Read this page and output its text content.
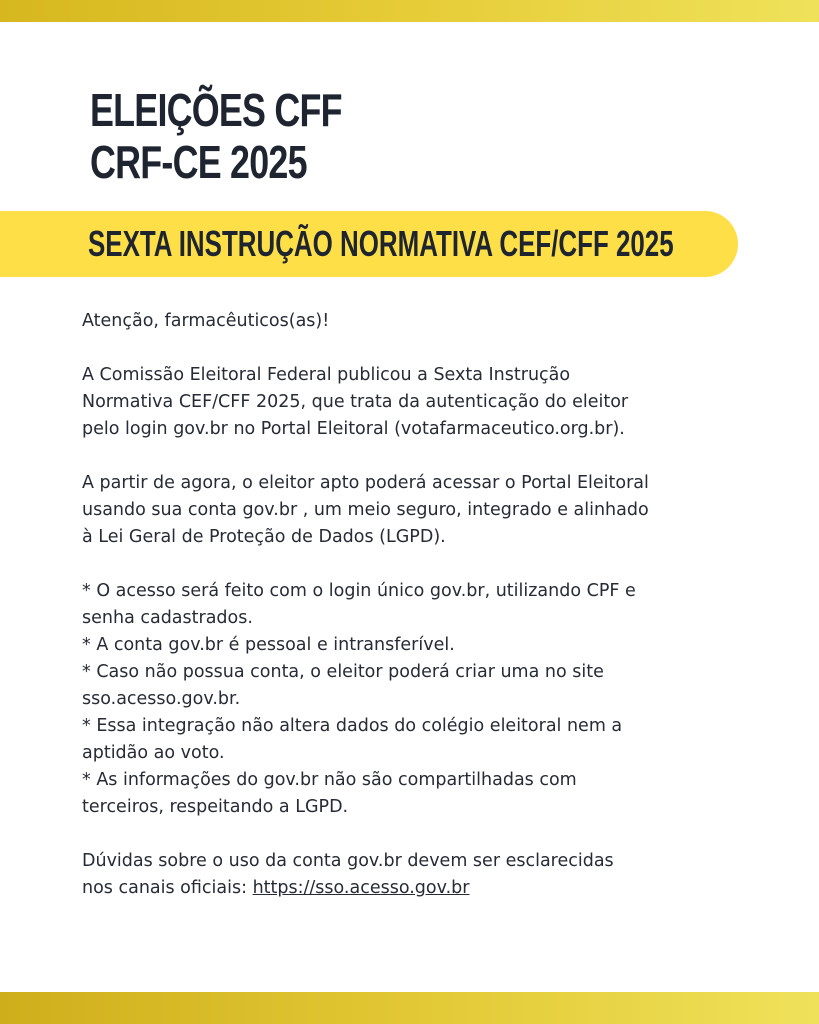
ELEIÇÕES CFF
CRF-CE 2025
SEXTA INSTRUÇÃO NORMATIVA CEF/CFF 2025

Atenção, farmacêuticos(as)!

A Comissão Eleitoral Federal publicou a Sexta Instrução

Normativa CEF/CFF 2025, que trata da autenticação do eleitor

pelo login gov.br no Portal Eleitoral (votafarmaceutico.org.br).

A partir de agora, o eleitor apto poderá acessar o Portal Eleitoral

usando sua conta gov.br , um meio seguro, integrado e alinhado

à Lei Geral de Proteção de Dados (LGPD).

* O acesso será feito com o login único gov.br, utilizando CPF e

senha cadastrados.

* A conta gov.br é pessoal e intransferível.

* Caso não possua conta, o eleitor poderá criar uma no site

sso.acesso.gov.br.

* Essa integração não altera dados do colégio eleitoral nem a

aptidão ao voto.

* As informações do gov.br não são compartilhadas com

terceiros, respeitando a LGPD.

Dúvidas sobre o uso da conta gov.br devem ser esclarecidas

nos canais oficiais: https://sso.acesso.gov.br
